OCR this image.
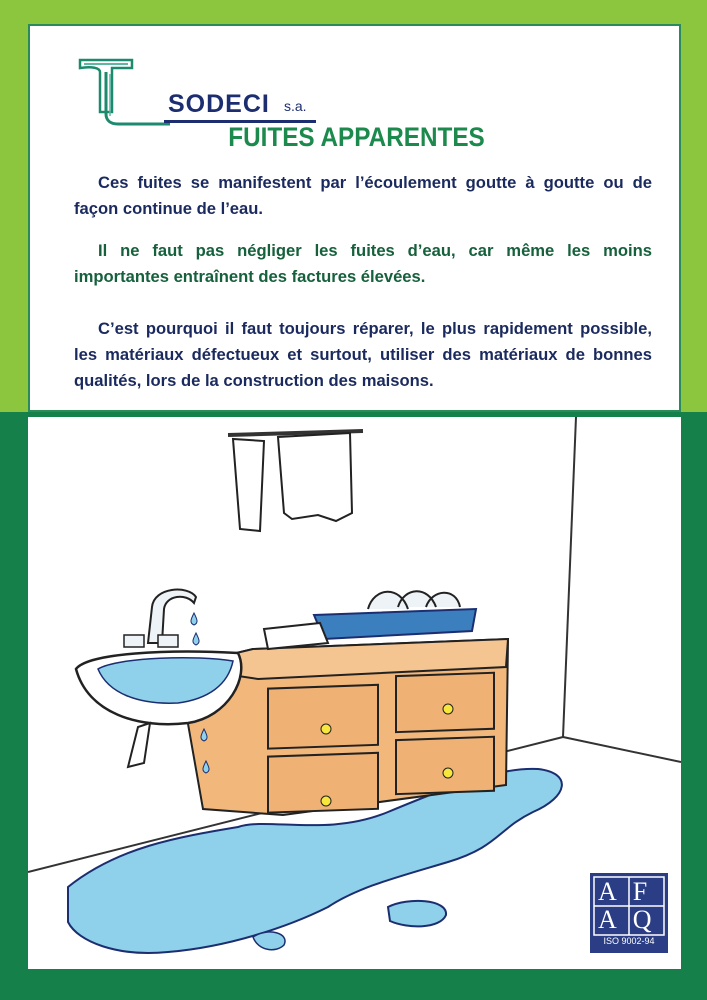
SODECI s.a.
FUITES APPARENTES
Ces fuites se manifestent par l’écoulement goutte à goutte ou de façon continue de l’eau.
Il ne faut pas négliger les fuites d’eau, car même les moins importantes entraînent des factures élevées.
C’est pourquoi il faut toujours réparer, le plus rapidement possible, les matériaux défectueux et surtout, utiliser des matériaux de bonnes qualités, lors de la construction des maisons.
AF
AQ
ISO 9002-94
